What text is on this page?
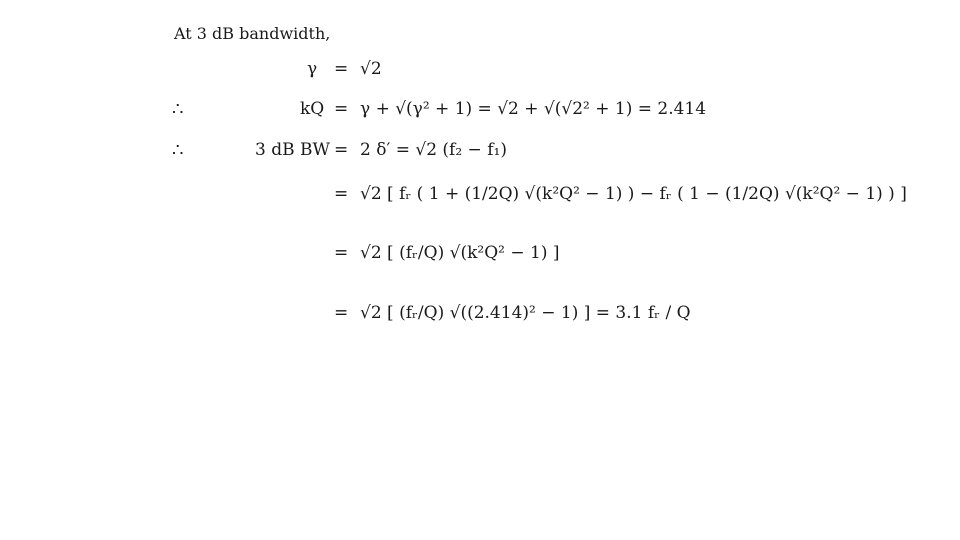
At 3 dB bandwidth,
γ = √2
∴	kQ = γ + √(γ² + 1) = √2 + √(√2² + 1) = 2.414
∴	3 dB BW = 2 δ′ = √2 (f₂ − f₁)
= √2 [ fᵣ ( 1 + (1/2Q) √(k²Q² − 1) ) − fᵣ ( 1 − (1/2Q) √(k²Q² − 1) ) ]
= √2 [ (fᵣ/Q) √(k²Q² − 1) ]
= √2 [ (fᵣ/Q) √((2.414)² − 1) ] = 3.1 fᵣ / Q
